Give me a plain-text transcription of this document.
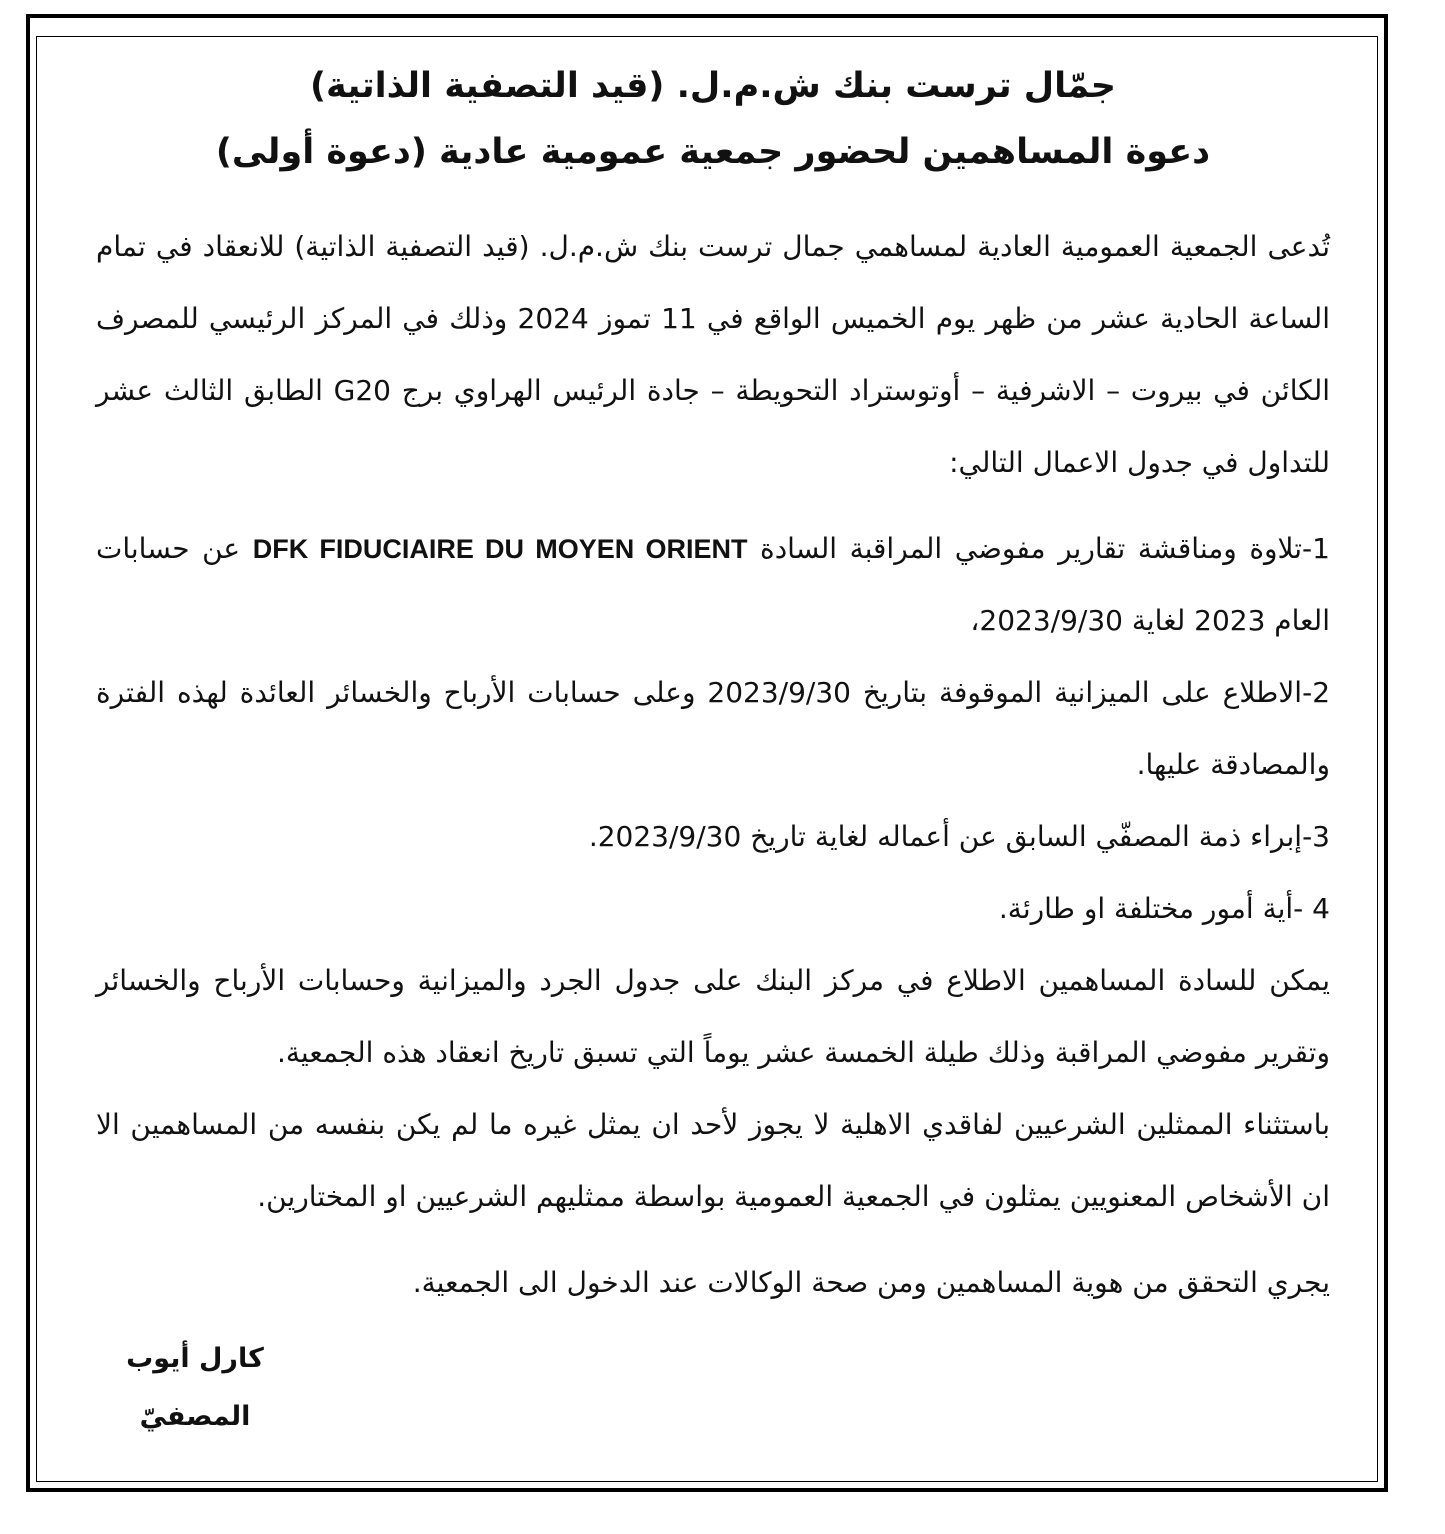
جمّال ترست بنك ش.م.ل. (قيد التصفية الذاتية)
دعوة المساهمين لحضور جمعية عمومية عادية (دعوة أولى)

تُدعى الجمعية العمومية العادية لمساهمي جمال ترست بنك ش.م.ل. (قيد التصفية الذاتية) للانعقاد في تمام الساعة الحادية عشر من ظهر يوم الخميس الواقع في 11 تموز 2024 وذلك في المركز الرئيسي للمصرف الكائن في بيروت – الاشرفية – أوتوستراد التحويطة – جادة الرئيس الهراوي برج G20 الطابق الثالث عشر للتداول في جدول الاعمال التالي:

1-تلاوة ومناقشة تقارير مفوضي المراقبة السادة DFK FIDUCIAIRE DU MOYEN ORIENT عن حسابات العام 2023 لغاية 2023/9/30،

2-الاطلاع على الميزانية الموقوفة بتاريخ 2023/9/30 وعلى حسابات الأرباح والخسائر العائدة لهذه الفترة والمصادقة عليها.

3-إبراء ذمة المصفّي السابق عن أعماله لغاية تاريخ 2023/9/30.

4 -أية أمور مختلفة او طارئة.

يمكن للسادة المساهمين الاطلاع في مركز البنك على جدول الجرد والميزانية وحسابات الأرباح والخسائر وتقرير مفوضي المراقبة وذلك طيلة الخمسة عشر يوماً التي تسبق تاريخ انعقاد هذه الجمعية.

باستثناء الممثلين الشرعيين لفاقدي الاهلية لا يجوز لأحد ان يمثل غيره ما لم يكن بنفسه من المساهمين الا ان الأشخاص المعنويين يمثلون في الجمعية العمومية بواسطة ممثليهم الشرعيين او المختارين.

يجري التحقق من هوية المساهمين ومن صحة الوكالات عند الدخول الى الجمعية.

كارل أيوب
المصفيّ
